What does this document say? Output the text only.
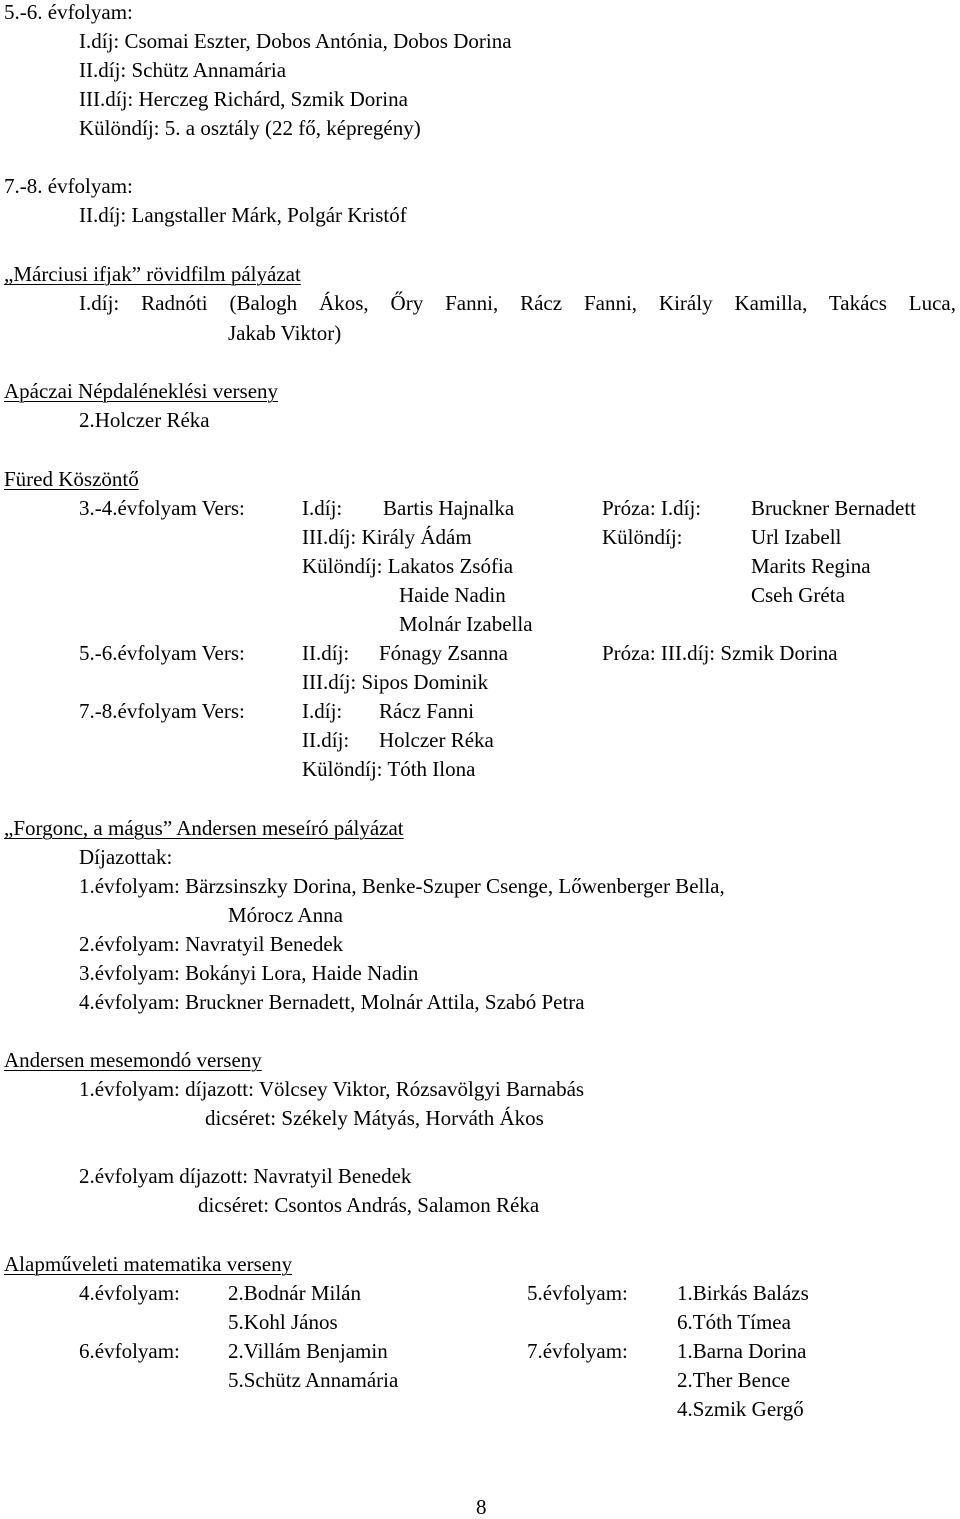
I.díj: Radnóti (Balogh Ákos, Őry Fanni, Rácz Fanni, Király Kamilla, Takács Luca,
5.-6. évfolyam:
I.díj: Csomai Eszter, Dobos Antónia, Dobos Dorina
II.díj: Schütz Annamária
III.díj: Herczeg Richárd, Szmik Dorina
Különdíj: 5. a osztály (22 fő, képregény)
7.-8. évfolyam:
II.díj: Langstaller Márk, Polgár Kristóf
„Márciusi ifjak” rövidfilm pályázat
Jakab Viktor)
Apáczai Népdaléneklési verseny
2.Holczer Réka
Füred Köszöntő
3.-4.évfolyam Vers:	I.díj: Bartis Hajnalka	Próza: I.díj: Bruckner Bernadett
III.díj: Király Ádám	Különdíj:	Url Izabell
Különdíj: Lakatos Zsófia	Marits Regina
Haide Nadin	Cseh Gréta
Molnár Izabella
5.-6.évfolyam Vers:	II.díj: Fónagy Zsanna	Próza: III.díj: Szmik Dorina
III.díj: Sipos Dominik
7.-8.évfolyam Vers:	I.díj: Rácz Fanni
II.díj: Holczer Réka
Különdíj: Tóth Ilona
„Forgonc, a mágus” Andersen meseíró pályázat
Díjazottak:
1.évfolyam: Bärzsinszky Dorina, Benke-Szuper Csenge, Lőwenberger Bella,
Mórocz Anna
2.évfolyam: Navratyil Benedek
3.évfolyam: Bokányi Lora, Haide Nadin
4.évfolyam: Bruckner Bernadett, Molnár Attila, Szabó Petra
Andersen mesemondó verseny
1.évfolyam: díjazott: Völcsey Viktor, Rózsavölgyi Barnabás
dicséret: Székely Mátyás, Horváth Ákos
2.évfolyam díjazott: Navratyil Benedek
dicséret: Csontos András, Salamon Réka
Alapműveleti matematika verseny
4.évfolyam: 2.Bodnár Milán	5.évfolyam: 1.Birkás Balázs
5.Kohl János	6.Tóth Tímea
6.évfolyam: 2.Villám Benjamin	7.évfolyam: 1.Barna Dorina
5.Schütz Annamária	2.Ther Bence
4.Szmik Gergő
8
